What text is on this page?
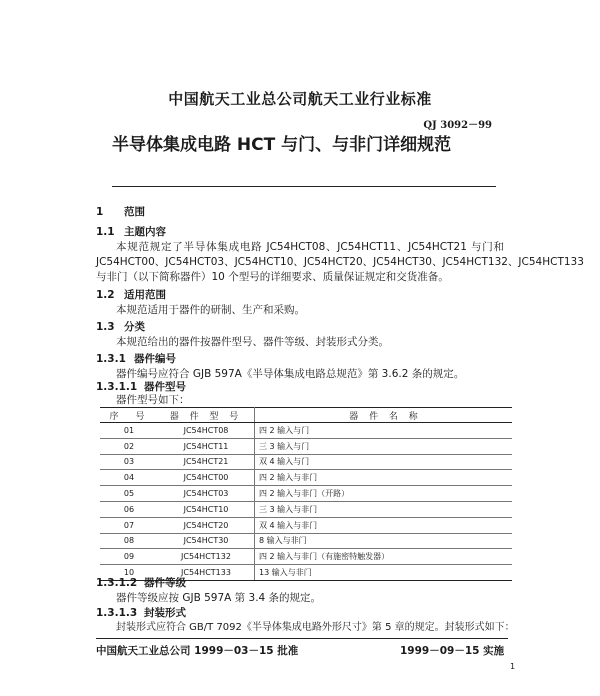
中国航天工业总公司航天工业行业标准
QJ 3092－99
半导体集成电路 HCT 与门、与非门详细规范
1 范围
1.1 主题内容
本规范规定了半导体集成电路 JC54HCT08、JC54HCT11、JC54HCT21 与门和
JC54HCT00、JC54HCT03、JC54HCT10、JC54HCT20、JC54HCT30、JC54HCT132、JC54HCT133
与非门（以下简称器件）10 个型号的详细要求、质量保证规定和交货准备。
1.2 适用范围
本规范适用于器件的研制、生产和采购。
1.3 分类
本规范给出的器件按器件型号、器件等级、封装形式分类。
1.3.1 器件编号
器件编号应符合 GJB 597A《半导体集成电路总规范》第 3.6.2 条的规定。
1.3.1.1 器件型号
器件型号如下：
序　号	器 件 型 号	器 件 名 称
01	JC54HCT08	四 2 输入与门
02	JC54HCT11	三 3 输入与门
03	JC54HCT21	双 4 输入与门
04	JC54HCT00	四 2 输入与非门
05	JC54HCT03	四 2 输入与非门（开路）
06	JC54HCT10	三 3 输入与非门
07	JC54HCT20	双 4 输入与非门
08	JC54HCT30	8 输入与非门
09	JC54HCT132	四 2 输入与非门（有施密特触发器）
10	JC54HCT133	13 输入与非门
1.3.1.2 器件等级
器件等级应按 GJB 597A 第 3.4 条的规定。
1.3.1.3 封装形式
封装形式应符合 GB/T 7092《半导体集成电路外形尺寸》第 5 章的规定。封装形式如下：
中国航天工业总公司 1999－03－15 批准	1999－09－15 实施
1
